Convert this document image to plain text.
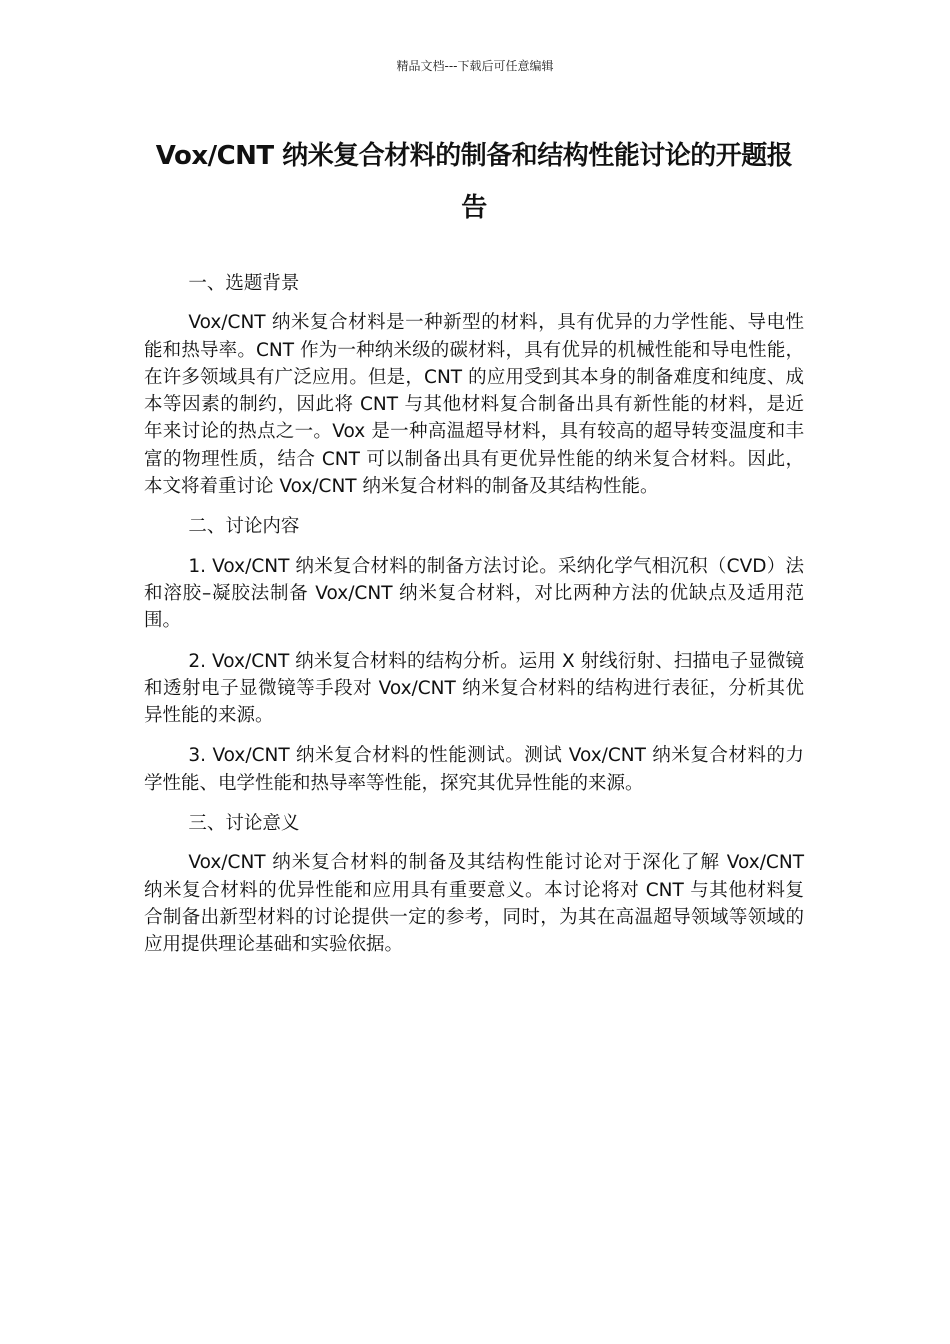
精品文档---下载后可任意编辑
Vox/CNT 纳米复合材料的制备和结构性能讨论的开题报告

一、选题背景

Vox/CNT 纳米复合材料是一种新型的材料，具有优异的力学性能、导电性能和热导率。CNT 作为一种纳米级的碳材料，具有优异的机械性能和导电性能，在许多领域具有广泛应用。但是，CNT 的应用受到其本身的制备难度和纯度、成本等因素的制约，因此将 CNT 与其他材料复合制备出具有新性能的材料，是近年来讨论的热点之一。Vox 是一种高温超导材料，具有较高的超导转变温度和丰富的物理性质，结合 CNT 可以制备出具有更优异性能的纳米复合材料。因此，本文将着重讨论 Vox/CNT 纳米复合材料的制备及其结构性能。

二、讨论内容

1. Vox/CNT 纳米复合材料的制备方法讨论。采纳化学气相沉积（CVD）法和溶胶–凝胶法制备 Vox/CNT 纳米复合材料，对比两种方法的优缺点及适用范围。

2. Vox/CNT 纳米复合材料的结构分析。运用 X 射线衍射、扫描电子显微镜和透射电子显微镜等手段对 Vox/CNT 纳米复合材料的结构进行表征，分析其优异性能的来源。

3. Vox/CNT 纳米复合材料的性能测试。测试 Vox/CNT 纳米复合材料的力学性能、电学性能和热导率等性能，探究其优异性能的来源。

三、讨论意义

Vox/CNT 纳米复合材料的制备及其结构性能讨论对于深化了解 Vox/CNT 纳米复合材料的优异性能和应用具有重要意义。本讨论将对 CNT 与其他材料复合制备出新型材料的讨论提供一定的参考，同时，为其在高温超导领域等领域的应用提供理论基础和实验依据。
